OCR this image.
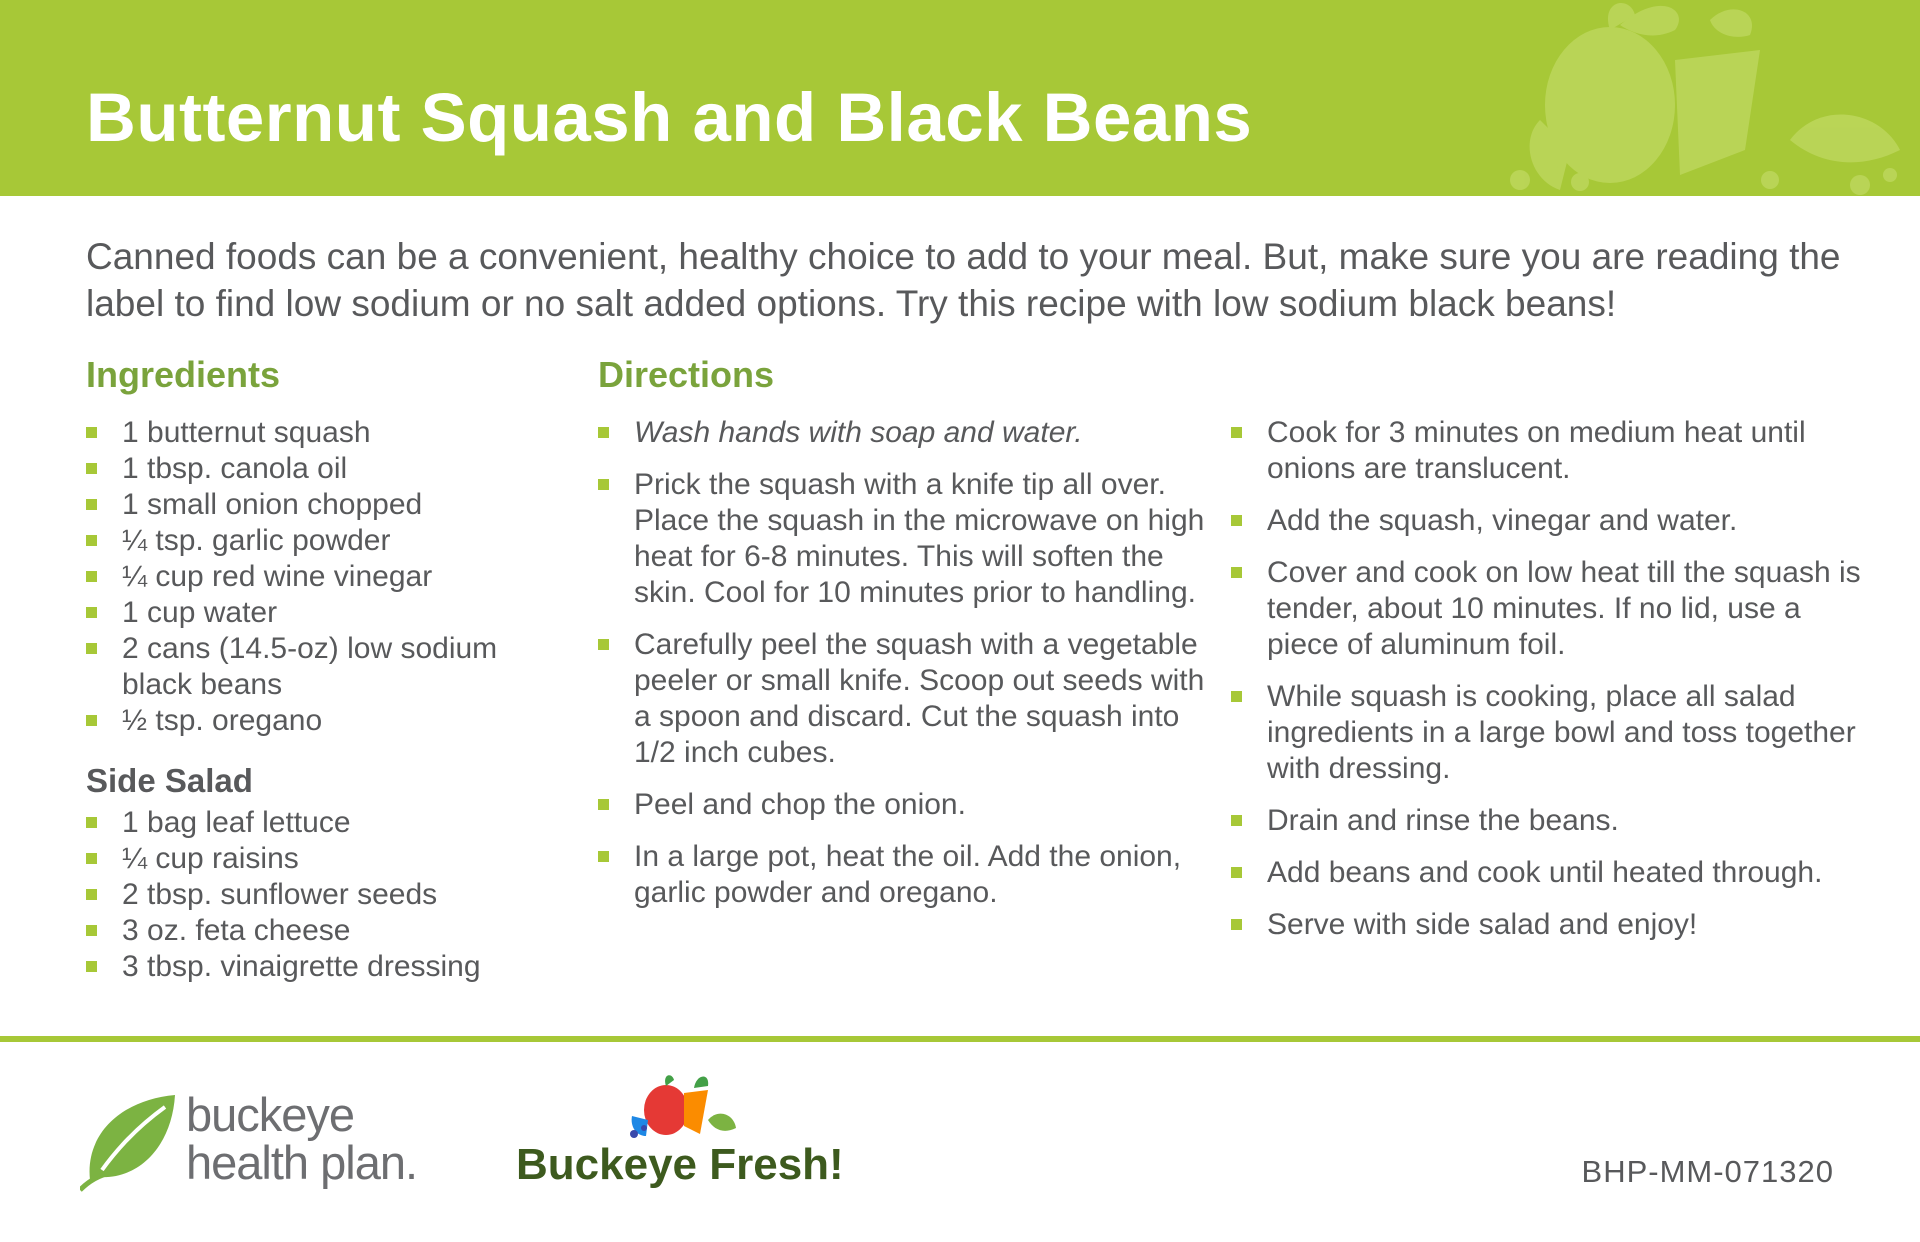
Butternut Squash and Black Beans

Canned foods can be a convenient, healthy choice to add to your meal. But, make sure you are reading the label to find low sodium or no salt added options. Try this recipe with low sodium black beans!

Ingredients
1 butternut squash
1 tbsp. canola oil
1 small onion chopped
¼ tsp. garlic powder
¼ cup red wine vinegar
1 cup water
2 cans (14.5-oz) low sodium black beans
½ tsp. oregano
Side Salad
1 bag leaf lettuce
¼ cup raisins
2 tbsp. sunflower seeds
3 oz. feta cheese
3 tbsp. vinaigrette dressing
Directions
Wash hands with soap and water.
Prick the squash with a knife tip all over. Place the squash in the microwave on high heat for 6-8 minutes. This will soften the skin. Cool for 10 minutes prior to handling.
Carefully peel the squash with a vegetable peeler or small knife. Scoop out seeds with a spoon and discard. Cut the squash into 1/2 inch cubes.
Peel and chop the onion.
In a large pot, heat the oil. Add the onion, garlic powder and oregano.
Cook for 3 minutes on medium heat until onions are translucent.
Add the squash, vinegar and water.
Cover and cook on low heat till the squash is tender, about 10 minutes. If no lid, use a piece of aluminum foil.
While squash is cooking, place all salad ingredients in a large bowl and toss together with dressing.
Drain and rinse the beans.
Add beans and cook until heated through.
Serve with side salad and enjoy!
buckeye
health plan. Buckeye Fresh!	BHP-MM-071320
